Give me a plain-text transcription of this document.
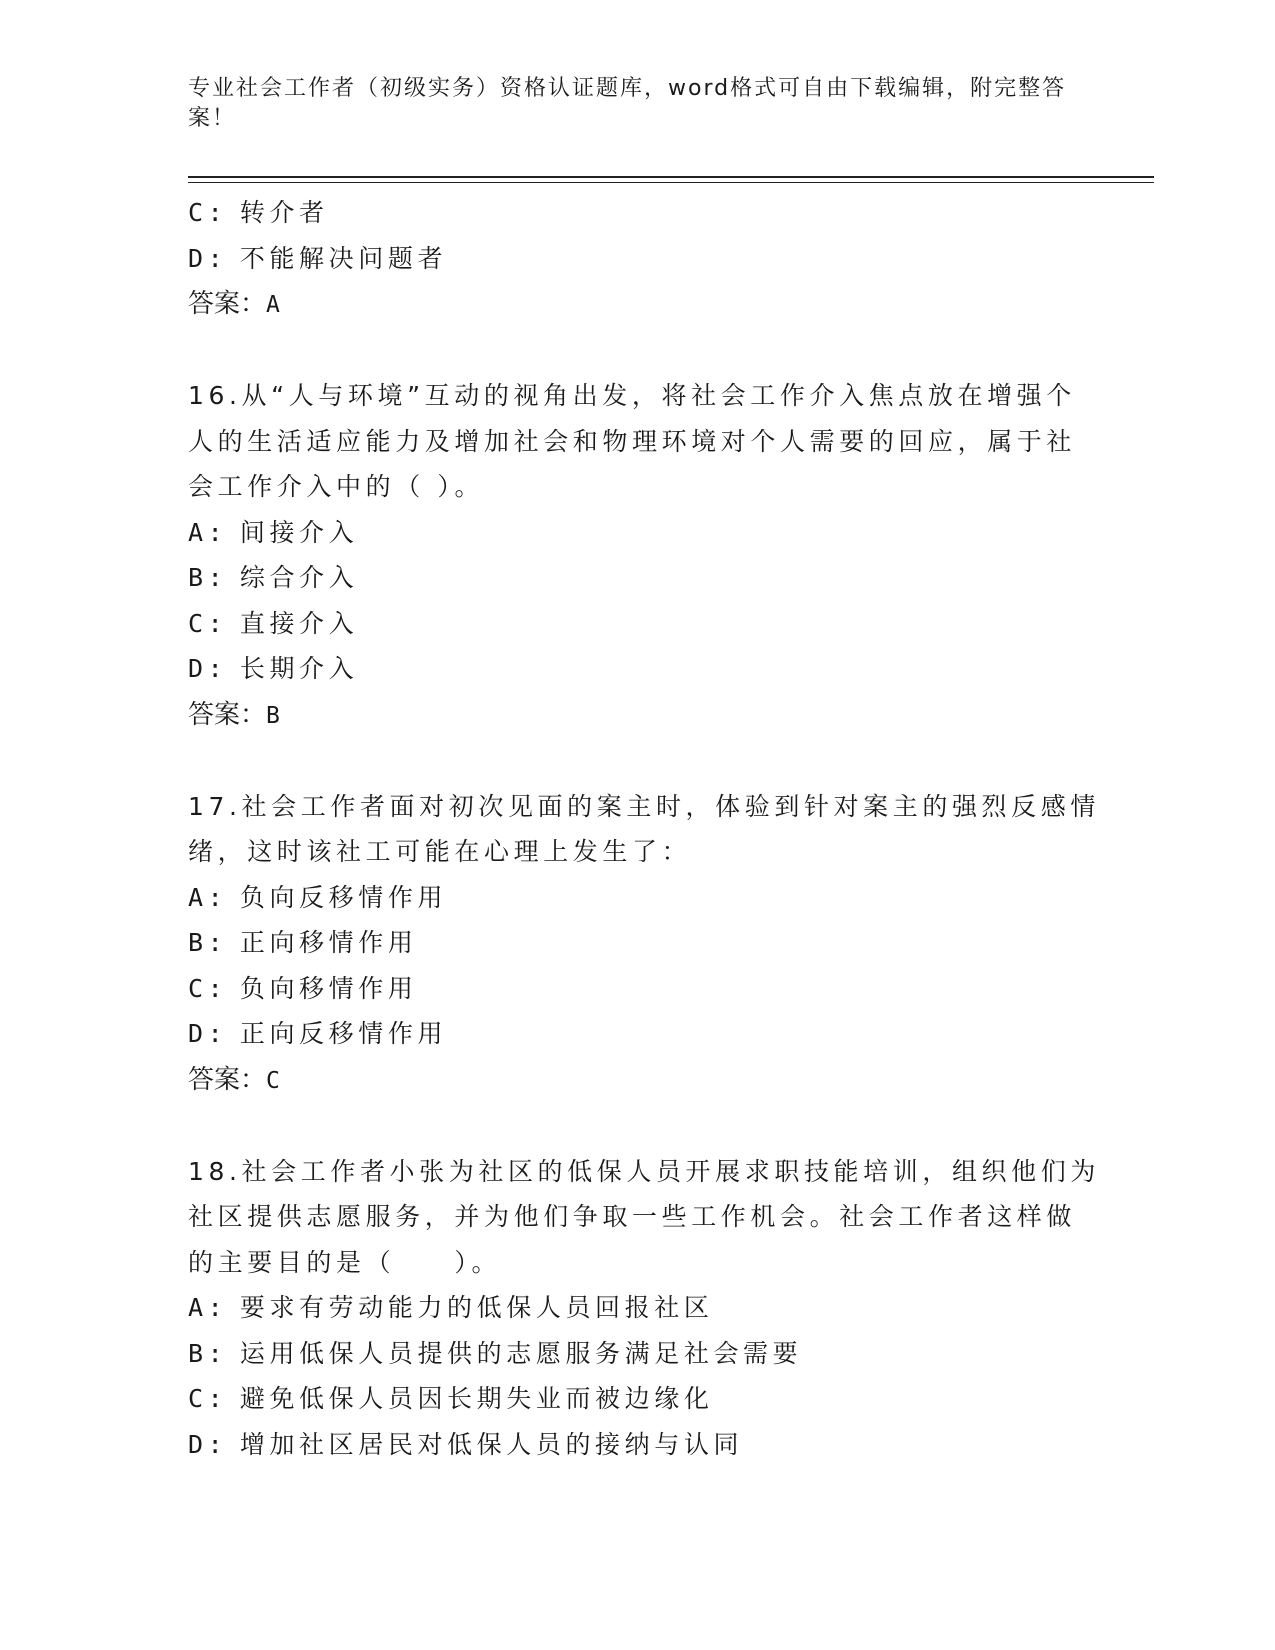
专业社会工作者（初级实务）资格认证题库，word格式可自由下载编辑，附完整答案！
C: 转介者
D: 不能解决问题者
答案：A
16.从“人与环境”互动的视角出发，将社会工作介入焦点放在增强个
人的生活适应能力及增加社会和物理环境对个人需要的回应，属于社
会工作介入中的（ ）。
A: 间接介入
B: 综合介入
C: 直接介入
D: 长期介入
答案：B
17.社会工作者面对初次见面的案主时，体验到针对案主的强烈反感情
绪，这时该社工可能在心理上发生了：
A: 负向反移情作用
B: 正向移情作用
C: 负向移情作用
D: 正向反移情作用
答案：C
18.社会工作者小张为社区的低保人员开展求职技能培训，组织他们为
社区提供志愿服务，并为他们争取一些工作机会。社会工作者这样做
的主要目的是（　　）。
A: 要求有劳动能力的低保人员回报社区
B: 运用低保人员提供的志愿服务满足社会需要
C: 避免低保人员因长期失业而被边缘化
D: 增加社区居民对低保人员的接纳与认同
